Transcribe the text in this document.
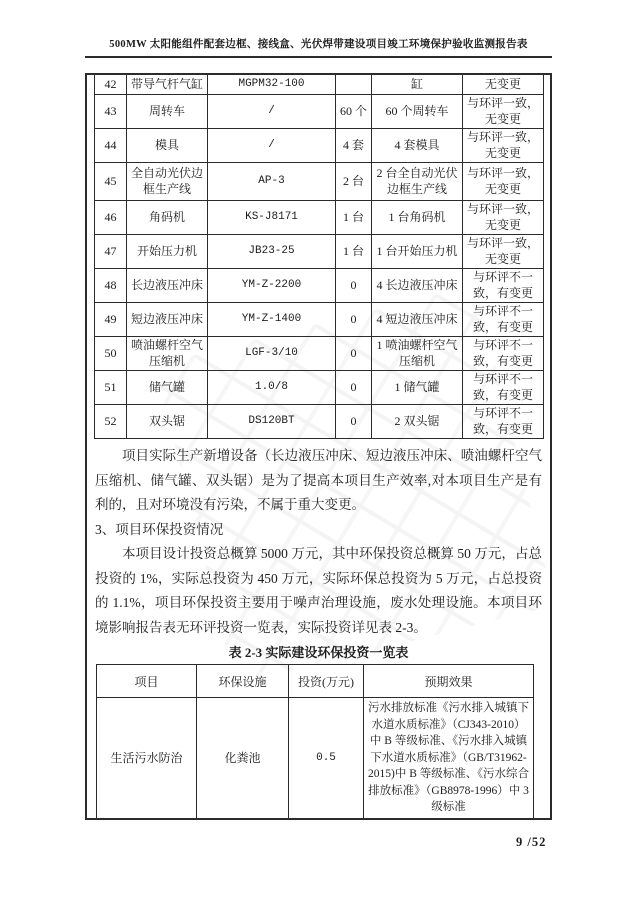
500MW 太阳能组件配套边框、接线盒、光伏焊带建设项目竣工环境保护验收监测报告表
42	带导气杆气缸	MGPM32-100		缸	无变更
43	周转车	/	60 个	60 个周转车	与环评一致，无变更
44	模具	/	4 套	4 套模具	与环评一致，无变更
45	全自动光伏边框生产线	AP-3	2 台	2 台全自动光伏边框生产线	与环评一致，无变更
46	角码机	KS-J8171	1 台	1 台角码机	与环评一致，无变更
47	开始压力机	JB23-25	1 台	1 台开始压力机	与环评一致，无变更
48	长边液压冲床	YM-Z-2200	0	4 长边液压冲床	与环评不一致，有变更
49	短边液压冲床	YM-Z-1400	0	4 短边液压冲床	与环评不一致，有变更
50	喷油螺杆空气压缩机	LGF-3/10	0	1 喷油螺杆空气压缩机	与环评不一致，有变更
51	储气罐	1.0/8	0	1 储气罐	与环评不一致，有变更
52	双头锯	DS120BT	0	2 双头锯	与环评不一致，有变更

项目实际生产新增设备（长边液压冲床、短边液压冲床、喷油螺杆空气压缩机、储气罐、双头锯）是为了提高本项目生产效率,对本项目生产是有利的，且对环境没有污染，不属于重大变更。

3、项目环保投资情况

本项目设计投资总概算 5000 万元，其中环保投资总概算 50 万元，占总投资的 1%，实际总投资为 450 万元，实际环保总投资为 5 万元，占总投资的 1.1%，项目环保投资主要用于噪声治理设施，废水处理设施。本项目环境影响报告表无环评投资一览表，实际投资详见表 2-3。

表 2-3 实际建设环保投资一览表
项目	环保设施	投资(万元)	预期效果
生活污水防治	化粪池	0.5	污水排放标准《污水排入城镇下水道水质标准》（CJ343-2010）中 B 等级标准、《污水排入城镇下水道水质标准》（GB/T31962-2015)中 B 等级标准、《污水综合排放标准》（GB8978-1996）中 3 级标准
9 /52
